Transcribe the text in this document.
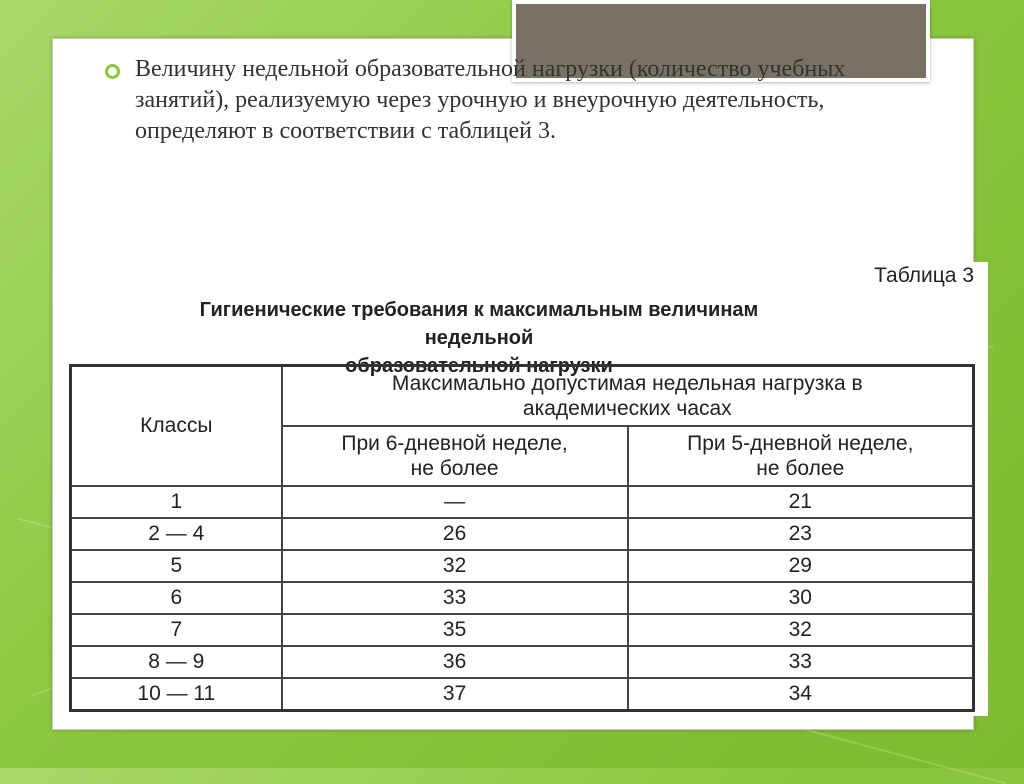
Величину недельной образовательной нагрузки (количество учебных занятий), реализуемую через урочную и внеурочную деятельность, определяют в соответствии с таблицей 3.
Таблица 3
Гигиенические требования к максимальным величинам недельной
образовательной нагрузки
Классы	Максимально допустимая недельная нагрузка в академических часах	
	При 6-дневной неделе, не более	При 5-дневной неделе, не более
1	—	21
2 — 4	26	23
5	32	29
6	33	30
7	35	32
8 — 9	36	33
10 — 11	37	34
